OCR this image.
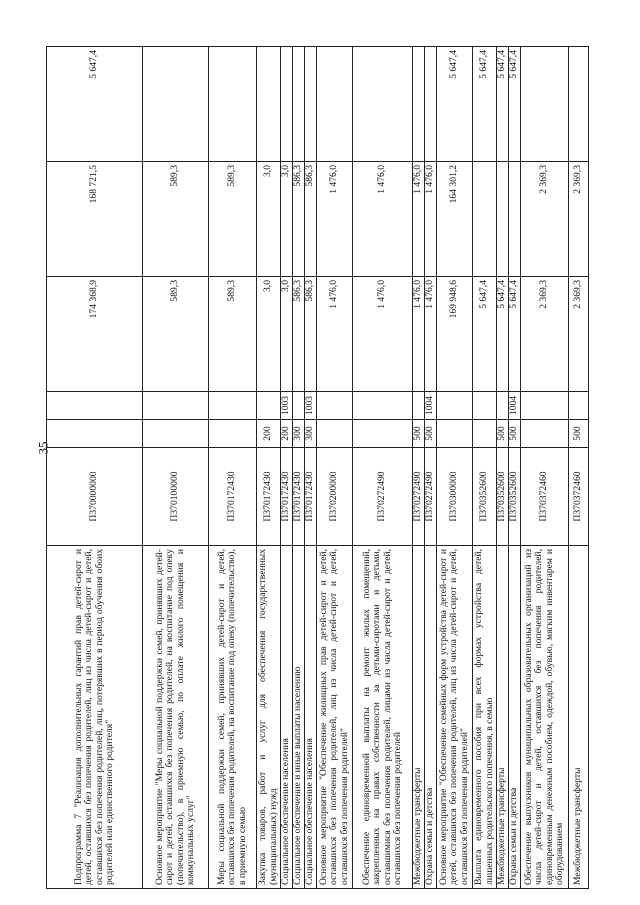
35
Подпрограмма 7 "Реализация дополнительных гарантий прав детей-сирот и детей, оставшихся без попечения родителей, лиц из числа детей-сирот и детей, оставшихся без попечения родителей, лиц, потерявших в период обучения обоих родителей или единственного родителя"	П370000000			174 368,9	168 721,5	5 647,4
Основное мероприятие "Меры социальной поддержки семей, принявших детей-сирот и детей, оставшихся без попечения родителей, на воспитание под опеку (попечительство), в приемную семью, по оплате жилого помещения и коммунальных услуг"	П370100000			589,3	589,3	
Меры социальной поддержки семей, принявших детей-сирот и детей, оставшихся без попечения родителей, на воспитание под опеку (попечительство), в приемную семью	П370172430			589,3	589,3	
Закупка товаров, работ и услуг для обеспечения государственных (муниципальных) нужд	П370172430	200		3,0	3,0	
Социальное обеспечение населения	П370172430	200	1003	3,0	3,0	
Социальное обеспечение и иные выплаты населению	П370172430	300		586,3	586,3	
Социальное обеспечение населения	П370172430	300	1003	586,3	586,3	
Основное мероприятие "Обеспечение жилищных прав детей-сирот и детей, оставшихся без попечения родителей, лиц из числа детей-сирот и детей, оставшихся без попечения родителей"	П370200000			1 476,0	1 476,0	
Обеспечение единовременной выплаты на ремонт жилых помещений, закрепленных на правах собственности за детьми-сиротами и детьми, оставшимися без попечения родителей, лицами из числа детей-сирот и детей, оставшихся без попечения родителей	П370272490			1 476,0	1 476,0	
Межбюджетные трансферты	П370272490	500		1 476,0	1 476,0	
Охрана семьи и детства	П370272490	500	1004	1 476,0	1 476,0	
Основное мероприятие "Обеспечение семейных форм устройства детей-сирот и детей, оставшихся без попечения родителей, лиц из числа детей-сирот и детей, оставшихся без попечения родителей"	П370300000			169 948,6	164 301,2	5 647,4
Выплата единовременного пособия при всех формах устройства детей, лишенных родительского попечения, в семью	П370352600			5 647,4		5 647,4
Межбюджетные трансферты	П370352600	500		5 647,4		5 647,4
Охрана семьи и детства	П370352600	500	1004	5 647,4		5 647,4
Обеспечение выпускников муниципальных образовательных организаций из числа детей-сирот и детей, оставшихся без попечения родителей, единовременным денежным пособием, одеждой, обувью, мягким инвентарем и оборудованием	П370372460			2 369,3	2 369,3	
Межбюджетные трансферты	П370372460	500		2 369,3	2 369,3	
